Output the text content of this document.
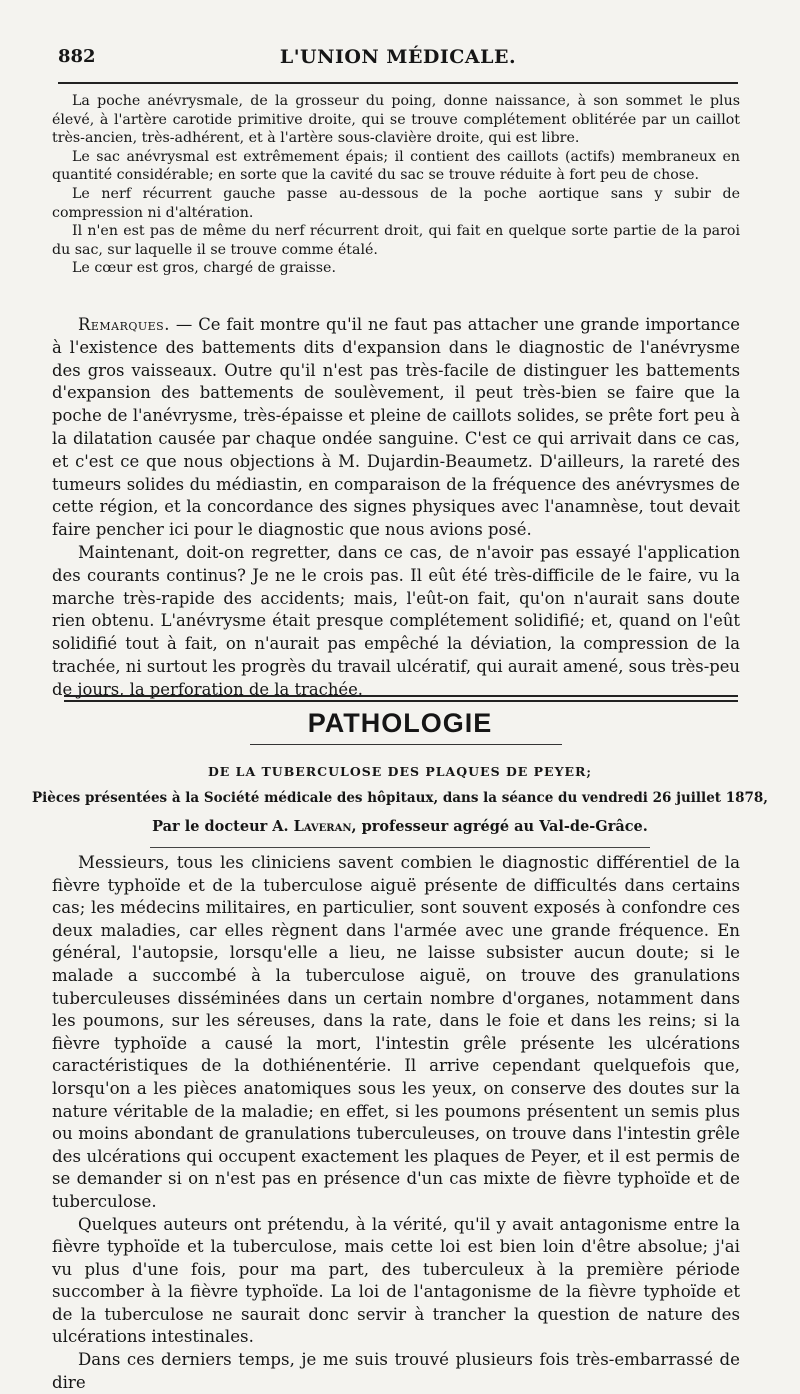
882	L'UNION MÉDICALE.

La poche anévrysmale, de la grosseur du poing, donne naissance, à son sommet le plus élevé, à l'artère carotide primitive droite, qui se trouve complétement oblitérée par un caillot très-ancien, très-adhérent, et à l'artère sous-clavière droite, qui est libre.

Le sac anévrysmal est extrêmement épais; il contient des caillots (actifs) membraneux en quantité considérable; en sorte que la cavité du sac se trouve réduite à fort peu de chose.

Le nerf récurrent gauche passe au-dessous de la poche aortique sans y subir de compression ni d'altération.

Il n'en est pas de même du nerf récurrent droit, qui fait en quelque sorte partie de la paroi du sac, sur laquelle il se trouve comme étalé.

Le cœur est gros, chargé de graisse.

Remarques. — Ce fait montre qu'il ne faut pas attacher une grande importance à l'existence des battements dits d'expansion dans le diagnostic de l'anévrysme des gros vaisseaux. Outre qu'il n'est pas très-facile de distinguer les battements d'expansion des battements de soulèvement, il peut très-bien se faire que la poche de l'anévrysme, très-épaisse et pleine de caillots solides, se prête fort peu à la dilatation causée par chaque ondée sanguine. C'est ce qui arrivait dans ce cas, et c'est ce que nous objections à M. Dujardin-Beaumetz. D'ailleurs, la rareté des tumeurs solides du médiastin, en comparaison de la fréquence des anévrysmes de cette région, et la concordance des signes physiques avec l'anamnèse, tout devait faire pencher ici pour le diagnostic que nous avions posé.

Maintenant, doit-on regretter, dans ce cas, de n'avoir pas essayé l'application des courants continus? Je ne le crois pas. Il eût été très-difficile de le faire, vu la marche très-rapide des accidents; mais, l'eût-on fait, qu'on n'aurait sans doute rien obtenu. L'anévrysme était presque complétement solidifié; et, quand on l'eût solidifié tout à fait, on n'aurait pas empêché la déviation, la compression de la trachée, ni surtout les progrès du travail ulcératif, qui aurait amené, sous très-peu de jours, la perforation de la trachée.

PATHOLOGIE
DE LA TUBERCULOSE DES PLAQUES DE PEYER;
Pièces présentées à la Société médicale des hôpitaux, dans la séance du vendredi 26 juillet 1878,
Par le docteur A. Laveran, professeur agrégé au Val-de-Grâce.

Messieurs, tous les cliniciens savent combien le diagnostic différentiel de la fièvre typhoïde et de la tuberculose aiguë présente de difficultés dans certains cas; les médecins militaires, en particulier, sont souvent exposés à confondre ces deux maladies, car elles règnent dans l'armée avec une grande fréquence. En général, l'autopsie, lorsqu'elle a lieu, ne laisse subsister aucun doute; si le malade a succombé à la tuberculose aiguë, on trouve des granulations tuberculeuses disséminées dans un certain nombre d'organes, notamment dans les poumons, sur les séreuses, dans la rate, dans le foie et dans les reins; si la fièvre typhoïde a causé la mort, l'intestin grêle présente les ulcérations caractéristiques de la dothiénentérie. Il arrive cependant quelquefois que, lorsqu'on a les pièces anatomiques sous les yeux, on conserve des doutes sur la nature véritable de la maladie; en effet, si les poumons présentent un semis plus ou moins abondant de granulations tuberculeuses, on trouve dans l'intestin grêle des ulcérations qui occupent exactement les plaques de Peyer, et il est permis de se demander si on n'est pas en présence d'un cas mixte de fièvre typhoïde et de tuberculose.

Quelques auteurs ont prétendu, à la vérité, qu'il y avait antagonisme entre la fièvre typhoïde et la tuberculose, mais cette loi est bien loin d'être absolue; j'ai vu plus d'une fois, pour ma part, des tuberculeux à la première période succomber à la fièvre typhoïde. La loi de l'antagonisme de la fièvre typhoïde et de la tuberculose ne saurait donc servir à trancher la question de nature des ulcérations intestinales.

Dans ces derniers temps, je me suis trouvé plusieurs fois très-embarrassé de dire
